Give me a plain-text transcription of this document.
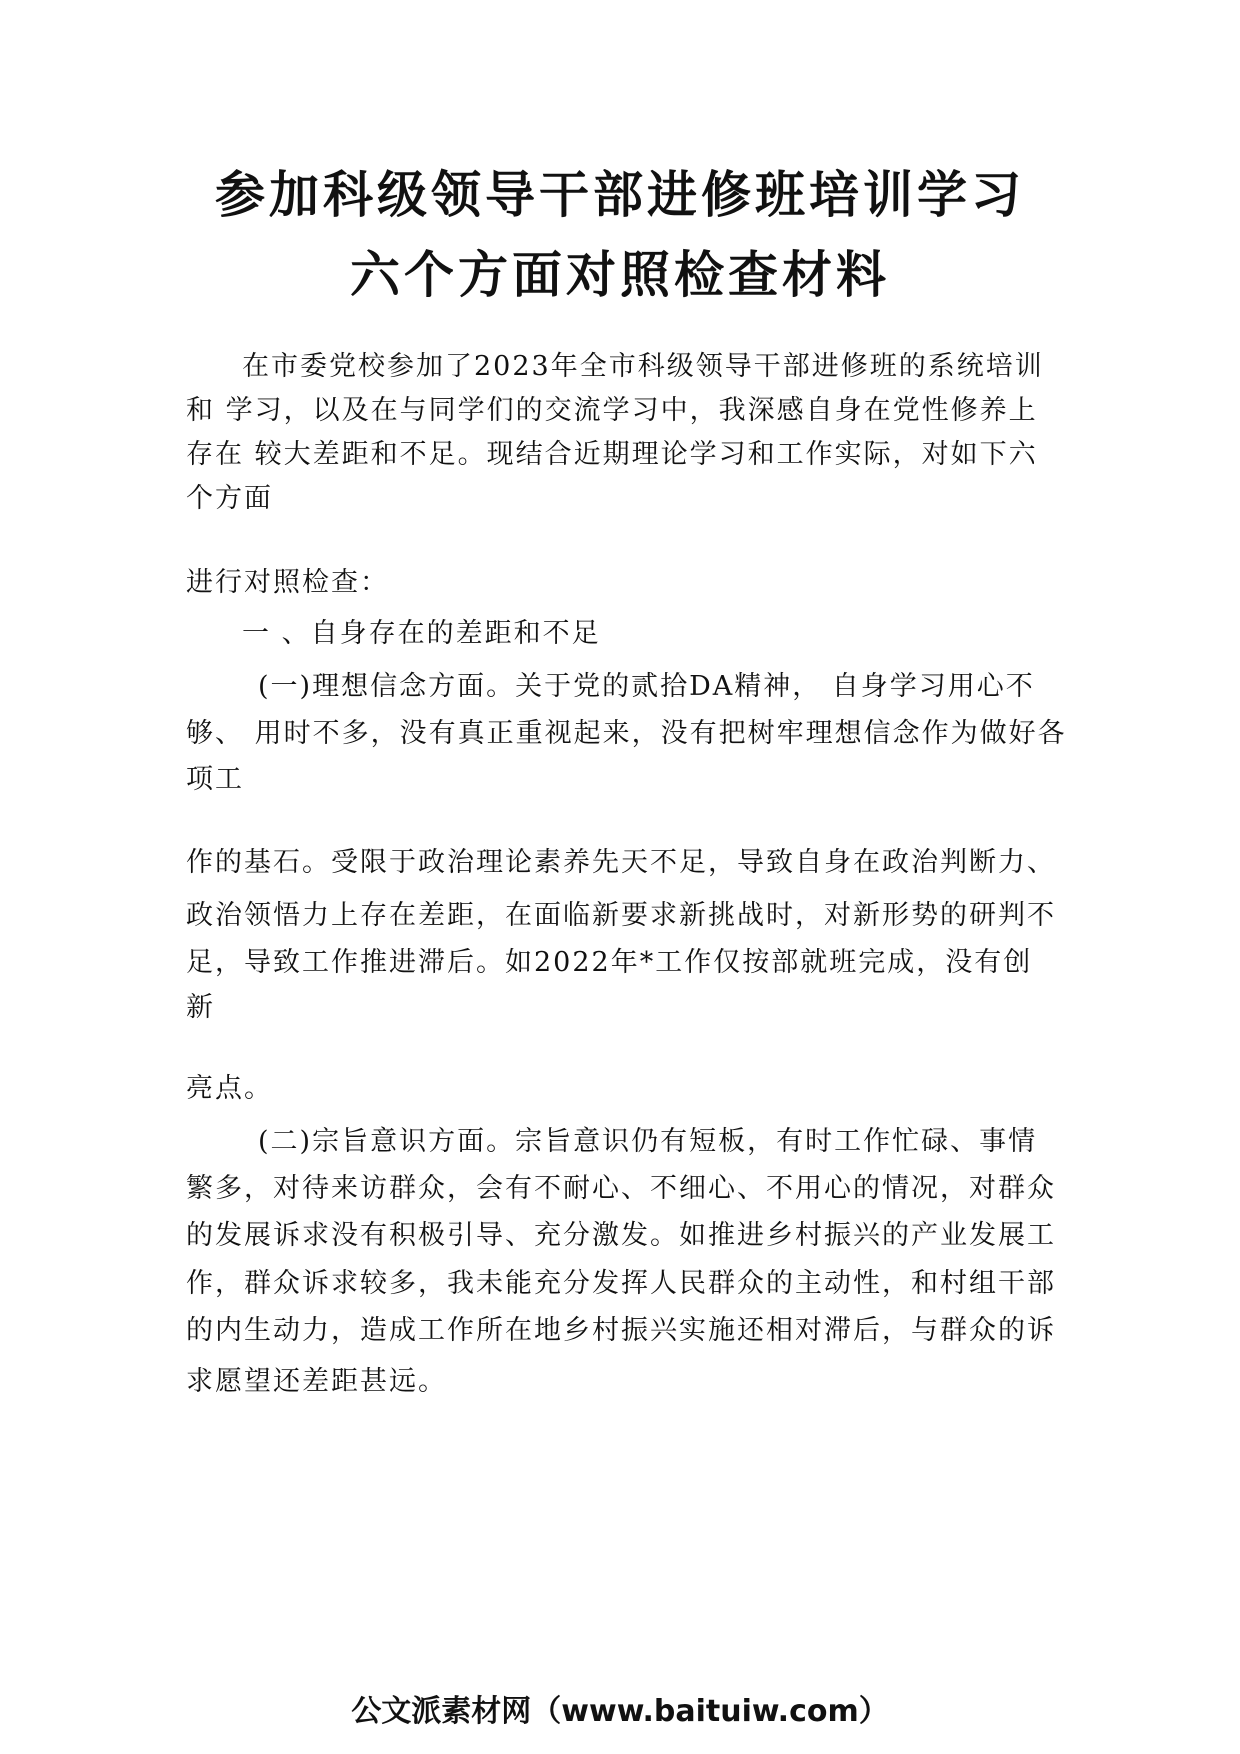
参加科级领导干部进修班培训学习
六个方面对照检查材料

在市委党校参加了2023年全市科级领导干部进修班的系统培训

和 学习，以及在与同学们的交流学习中，我深感自身在党性修养上

存在 较大差距和不足。现结合近期理论学习和工作实际，对如下六

个方面

进行对照检查：

一 、自身存在的差距和不足

(一)理想信念方面。关于党的贰拾DA精神， 自身学习用心不

够、 用时不多，没有真正重视起来，没有把树牢理想信念作为做好各

项工

作的基石。受限于政治理论素养先天不足，导致自身在政治判断力、

政治领悟力上存在差距，在面临新要求新挑战时，对新形势的研判不

足，导致工作推进滞后。如2022年*工作仅按部就班完成，没有创

新

亮点。

(二)宗旨意识方面。宗旨意识仍有短板，有时工作忙碌、事情

繁多，对待来访群众，会有不耐心、不细心、不用心的情况，对群众

的发展诉求没有积极引导、充分激发。如推进乡村振兴的产业发展工

作，群众诉求较多，我未能充分发挥人民群众的主动性，和村组干部

的内生动力，造成工作所在地乡村振兴实施还相对滞后，与群众的诉

求愿望还差距甚远。

公文派素材网（www.baituiw.com）
